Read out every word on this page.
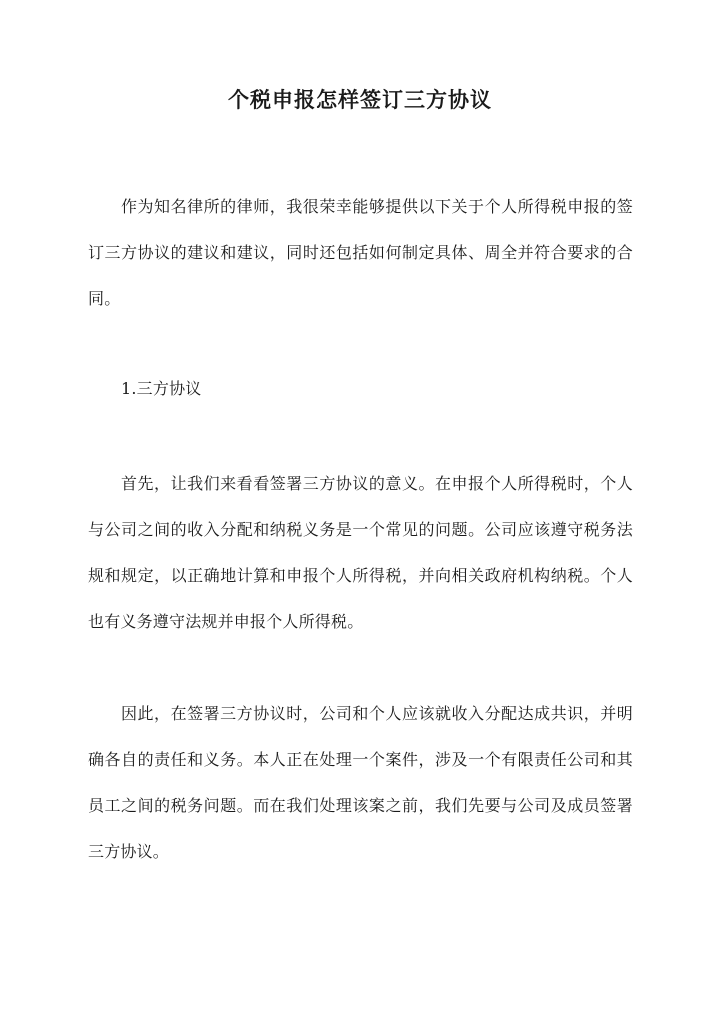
个税申报怎样签订三方协议

作为知名律所的律师，我很荣幸能够提供以下关于个人所得税申报的签订三方协议的建议和建议，同时还包括如何制定具体、周全并符合要求的合同。

1.三方协议

首先，让我们来看看签署三方协议的意义。在申报个人所得税时，个人与公司之间的收入分配和纳税义务是一个常见的问题。公司应该遵守税务法规和规定，以正确地计算和申报个人所得税，并向相关政府机构纳税。个人也有义务遵守法规并申报个人所得税。

因此，在签署三方协议时，公司和个人应该就收入分配达成共识，并明确各自的责任和义务。本人正在处理一个案件，涉及一个有限责任公司和其员工之间的税务问题。而在我们处理该案之前，我们先要与公司及成员签署三方协议。
